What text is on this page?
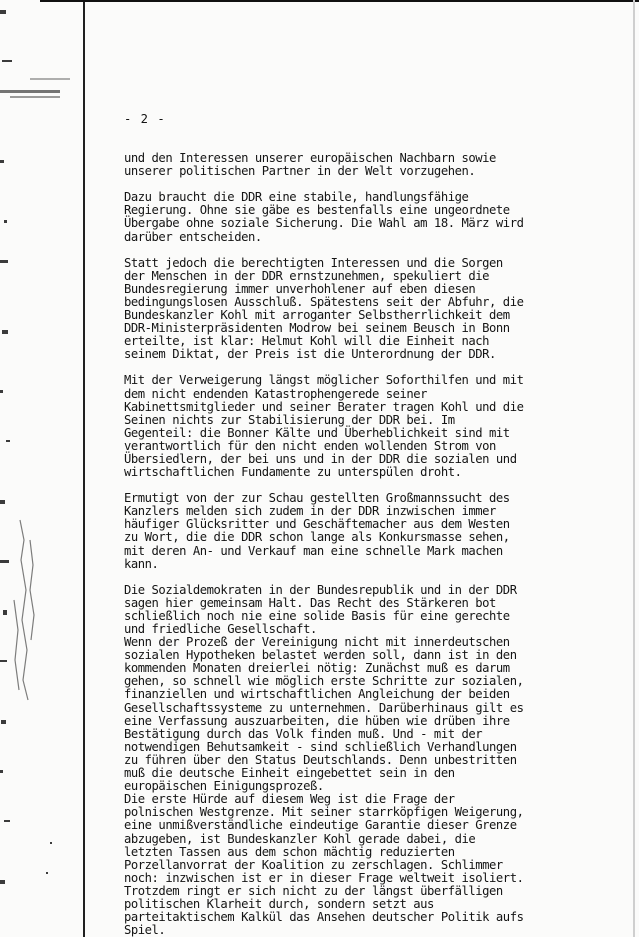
- 2 -
und den Interessen unserer europäischen Nachbarn sowie
unserer politischen Partner in der Welt vorzugehen.
Dazu braucht die DDR eine stabile, handlungsfähige
Regierung. Ohne sie gäbe es bestenfalls eine ungeordnete
Übergabe ohne soziale Sicherung. Die Wahl am 18. März wird
darüber entscheiden.
Statt jedoch die berechtigten Interessen und die Sorgen
der Menschen in der DDR ernstzunehmen, spekuliert die
Bundesregierung immer unverhohlener auf eben diesen
bedingungslosen Ausschluß. Spätestens seit der Abfuhr, die
Bundeskanzler Kohl mit arroganter Selbstherrlichkeit dem
DDR-Ministerpräsidenten Modrow bei seinem Beusch in Bonn
erteilte, ist klar: Helmut Kohl will die Einheit nach
seinem Diktat, der Preis ist die Unterordnung der DDR.
Mit der Verweigerung längst möglicher Soforthilfen und mit
dem nicht endenden Katastrophengerede seiner
Kabinettsmitglieder und seiner Berater tragen Kohl und die
Seinen nichts zur Stabilisierung der DDR bei. Im
Gegenteil: die Bonner Kälte und Überheblichkeit sind mit
verantwortlich für den nicht enden wollenden Strom von
Übersiedlern, der bei uns und in der DDR die sozialen und
wirtschaftlichen Fundamente zu unterspülen droht.
Ermutigt von der zur Schau gestellten Großmannssucht des
Kanzlers melden sich zudem in der DDR inzwischen immer
häufiger Glücksritter und Geschäftemacher aus dem Westen
zu Wort, die die DDR schon lange als Konkursmasse sehen,
mit deren An- und Verkauf man eine schnelle Mark machen
kann.
Die Sozialdemokraten in der Bundesrepublik und in der DDR
sagen hier gemeinsam Halt. Das Recht des Stärkeren bot
schließlich noch nie eine solide Basis für eine gerechte
und friedliche Gesellschaft.
Wenn der Prozeß der Vereinigung nicht mit innerdeutschen
sozialen Hypotheken belastet werden soll, dann ist in den
kommenden Monaten dreierlei nötig: Zunächst muß es darum
gehen, so schnell wie möglich erste Schritte zur sozialen,
finanziellen und wirtschaftlichen Angleichung der beiden
Gesellschaftssysteme zu unternehmen. Darüberhinaus gilt es
eine Verfassung auszuarbeiten, die hüben wie drüben ihre
Bestätigung durch das Volk finden muß. Und - mit der
notwendigen Behutsamkeit - sind schließlich Verhandlungen
zu führen über den Status Deutschlands. Denn unbestritten
muß die deutsche Einheit eingebettet sein in den
europäischen Einigungsprozeß.
Die erste Hürde auf diesem Weg ist die Frage der
polnischen Westgrenze. Mit seiner starrköpfigen Weigerung,
eine unmißverständliche eindeutige Garantie dieser Grenze
abzugeben, ist Bundeskanzler Kohl gerade dabei, die
letzten Tassen aus dem schon mächtig reduzierten
Porzellanvorrat der Koalition zu zerschlagen. Schlimmer
noch: inzwischen ist er in dieser Frage weltweit isoliert.
Trotzdem ringt er sich nicht zu der längst überfälligen
politischen Klarheit durch, sondern setzt aus
parteitaktischem Kalkül das Ansehen deutscher Politik aufs
Spiel.
